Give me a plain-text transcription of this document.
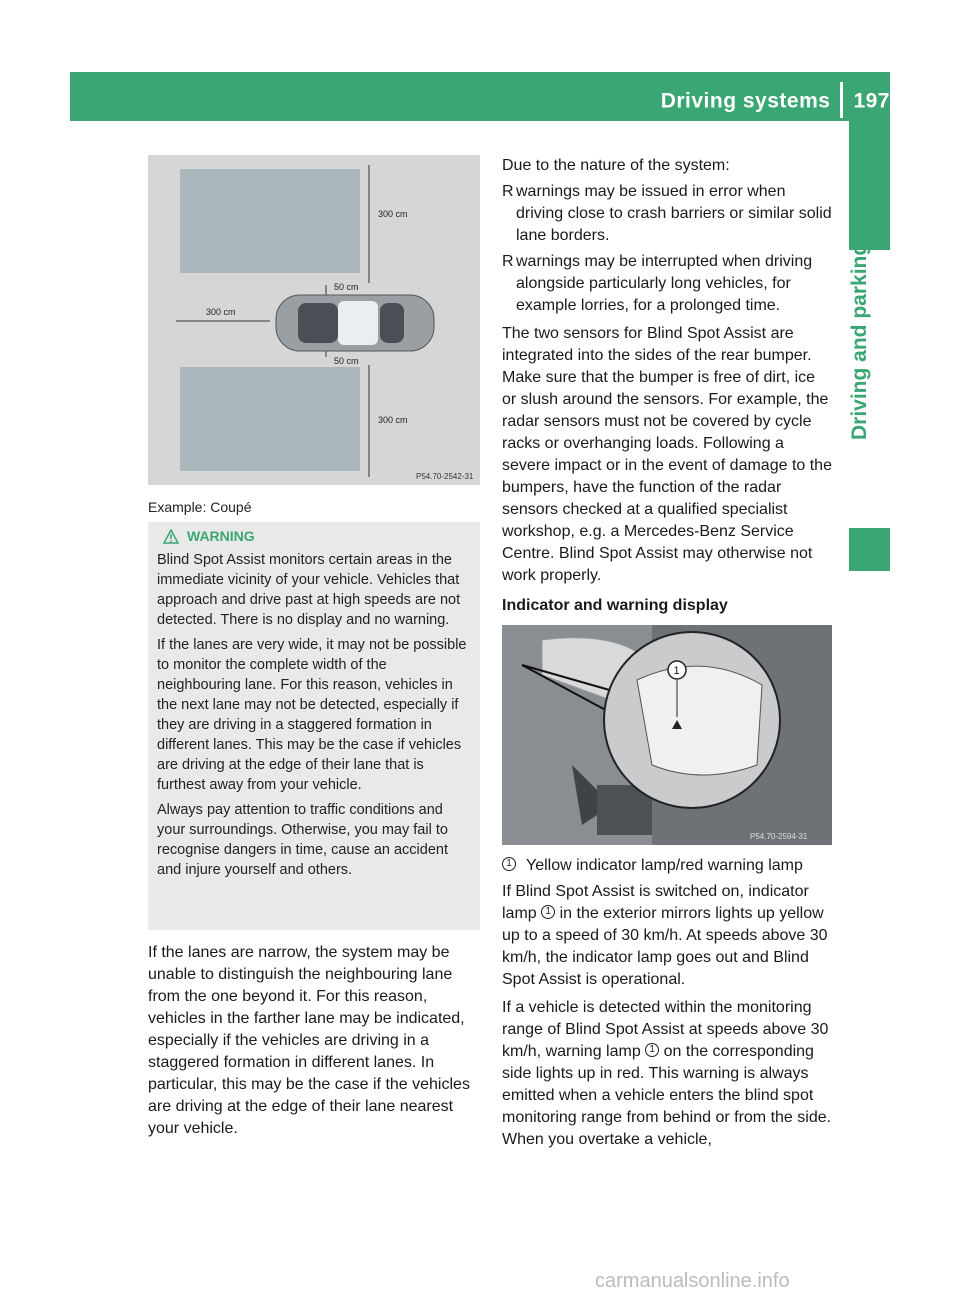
Driving systems 197
Driving and parking
300 cm
50 cm
300 cm
50 cm
300 cm
P54.70-2542-31
Example: Coupé
WARNING

Blind Spot Assist monitors certain areas in the immediate vicinity of your vehicle. Vehicles that approach and drive past at high speeds are not detected. There is no display and no warning.

If the lanes are very wide, it may not be possible to monitor the complete width of the neighbouring lane. For this reason, vehicles in the next lane may not be detected, especially if they are driving in a staggered formation in different lanes. This may be the case if vehicles are driving at the edge of their lane that is furthest away from your vehicle.

Always pay attention to traffic conditions and your surroundings. Otherwise, you may fail to recognise dangers in time, cause an accident and injure yourself and others.

If the lanes are narrow, the system may be unable to distinguish the neighbouring lane from the one beyond it. For this reason, vehicles in the farther lane may be indicated, especially if the vehicles are driving in a staggered formation in different lanes. In particular, this may be the case if the vehicles are driving at the edge of their lane nearest your vehicle.

Due to the nature of the system:

R warnings may be issued in error when driving close to crash barriers or similar solid lane borders.
R warnings may be interrupted when driving alongside particularly long vehicles, for example lorries, for a prolonged time.

The two sensors for Blind Spot Assist are integrated into the sides of the rear bumper. Make sure that the bumper is free of dirt, ice or slush around the sensors. For example, the radar sensors must not be covered by cycle racks or overhanging loads. Following a severe impact or in the event of damage to the bumpers, have the function of the radar sensors checked at a qualified specialist workshop, e.g. a Mercedes-Benz Service Centre. Blind Spot Assist may otherwise not work properly.

Indicator and warning display
1
P54.70-2594-31
1 Yellow indicator lamp/red warning lamp

If Blind Spot Assist is switched on, indicator lamp 1 in the exterior mirrors lights up yellow up to a speed of 30 km/h. At speeds above 30 km/h, the indicator lamp goes out and Blind Spot Assist is operational.

If a vehicle is detected within the monitoring range of Blind Spot Assist at speeds above 30 km/h, warning lamp 1 on the corresponding side lights up in red. This warning is always emitted when a vehicle enters the blind spot monitoring range from behind or from the side. When you overtake a vehicle,

carmanualsonline.info
